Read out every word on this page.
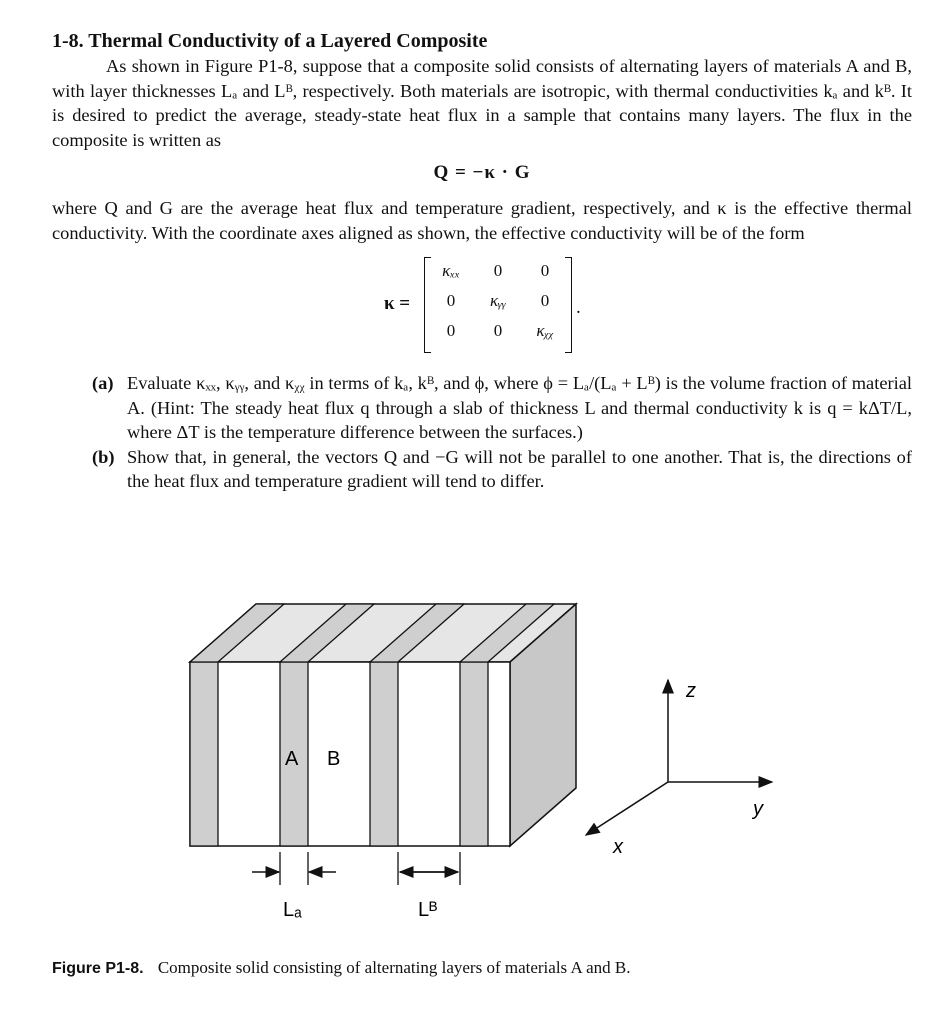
1-8. Thermal Conductivity of a Layered Composite

As shown in Figure P1-8, suppose that a composite solid consists of alternating layers of materials A and B, with layer thicknesses Lₐ and Lᴮ, respectively. Both materials are isotropic, with thermal conductivities kₐ and kᴮ. It is desired to predict the average, steady-state heat flux in a sample that contains many layers. The flux in the composite is written as

Q = −κ · G

where Q and G are the average heat flux and temperature gradient, respectively, and κ is the effective thermal conductivity. With the coordinate axes aligned as shown, the effective conductivity will be of the form

κ =
κₓₓ	0	0
0	κᵧᵧ	0
0	0	κᵪᵪ
.

(a) Evaluate κₓₓ, κᵧᵧ, and κᵪᵪ in terms of kₐ, kᴮ, and ϕ, where ϕ = Lₐ/(Lₐ + Lᴮ) is the volume fraction of material A. (Hint: The steady heat flux q through a slab of thickness L and thermal conductivity k is q = kΔT/L, where ΔT is the temperature difference between the surfaces.)

(b) Show that, in general, the vectors Q and −G will not be parallel to one another. That is, the directions of the heat flux and temperature gradient will tend to differ.

A B
Lₐ	Lᴮ
z
y
x
Figure P1-8. Composite solid consisting of alternating layers of materials A and B.
